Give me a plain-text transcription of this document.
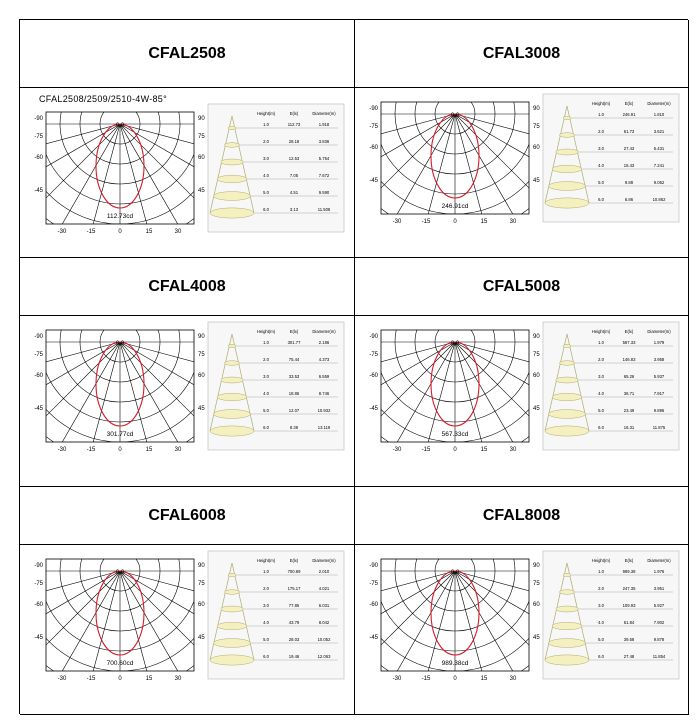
CFAL2508	CFAL3008
CFAL2508/2509/2510-4W-85°
0.0
-90
-75
-60
-45
90
75
60
45
-30	-15	0	15	30
112.73cd
Height(m)	E(lx)	Diameter(m)
1.0	112.73	1.918
2.0	28.18	3.836
3.0	12.53	5.754
4.0	7.05	7.672
5.0	4.51	9.590
6.0	3.13	11.508
0.0
-90
-75
-60
-45
90
75
60
45
-30	-15	0	15	30
246.91cd
Height(m)	E(lx)	Diameter(m)
1.0	246.91	1.810
2.0	61.73	3.621
3.0	27.43	5.431
4.0	15.43	7.241
5.0	9.88	9.052
6.0	6.86	10.862
CFAL4008	CFAL5008
0.0
-90
-75
-60
-45
90
75
60
45
-30	-15	0	15	30
301.77cd
Height(m)	E(lx)	Diameter(m)
1.0	301.77	2.186
2.0	75.44	4.373
3.0	33.53	6.559
4.0	18.86	8.746
5.0	12.07	10.932
6.0	8.38	13.119
0.0
-90
-75
-60
-45
90
75
60
45
-30	-15	0	15	30
567.33cd
Height(m)	E(lx)	Diameter(m)
1.0	587.33	1.979
2.0	146.83	3.958
3.0	65.26	5.937
4.0	36.71	7.917
5.0	23.49	9.896
6.0	16.31	11.875
CFAL6008	CFAL8008
0.0
-90
-75
-60
-45
90
75
60
45
-30	-15	0	15	30
700.60cd
Height(m)	E(lx)	Diameter(m)
1.0	700.69	2.010
2.0	175.17	4.021
3.0	77.85	6.031
4.0	43.79	8.042
5.0	28.03	10.052
6.0	19.46	12.063
0.0
-90
-75
-60
-45
90
75
60
45
-30	-15	0	15	30
989.38cd
Height(m)	E(lx)	Diameter(m)
1.0	989.38	1.976
2.0	247.35	3.951
3.0	109.93	5.927
4.0	61.84	7.902
5.0	39.58	9.878
6.0	27.48	11.854
